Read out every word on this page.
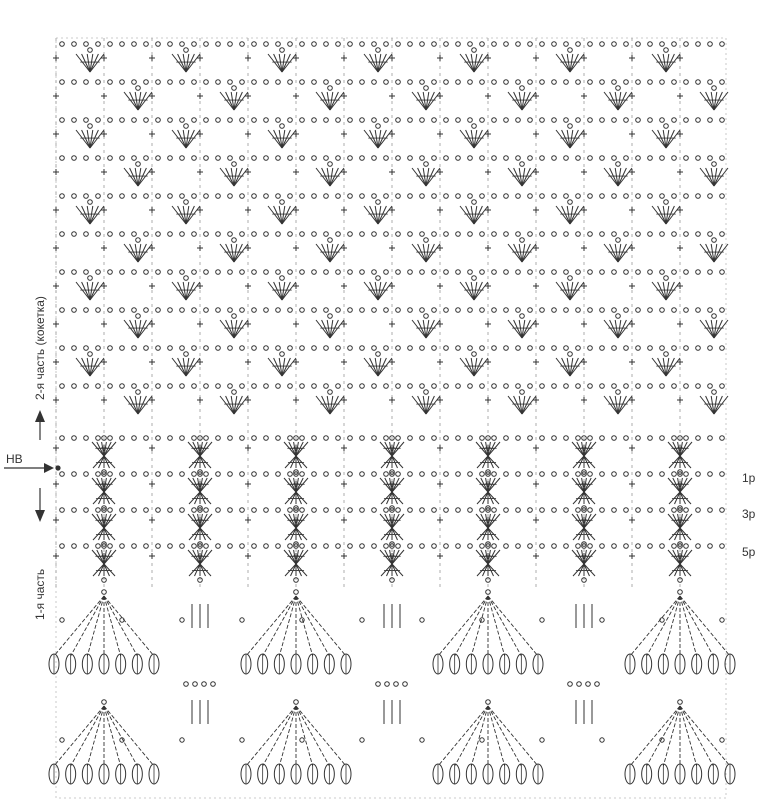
НВ
2-я часть (кокетка)
1-я часть
1р
3р
5р
